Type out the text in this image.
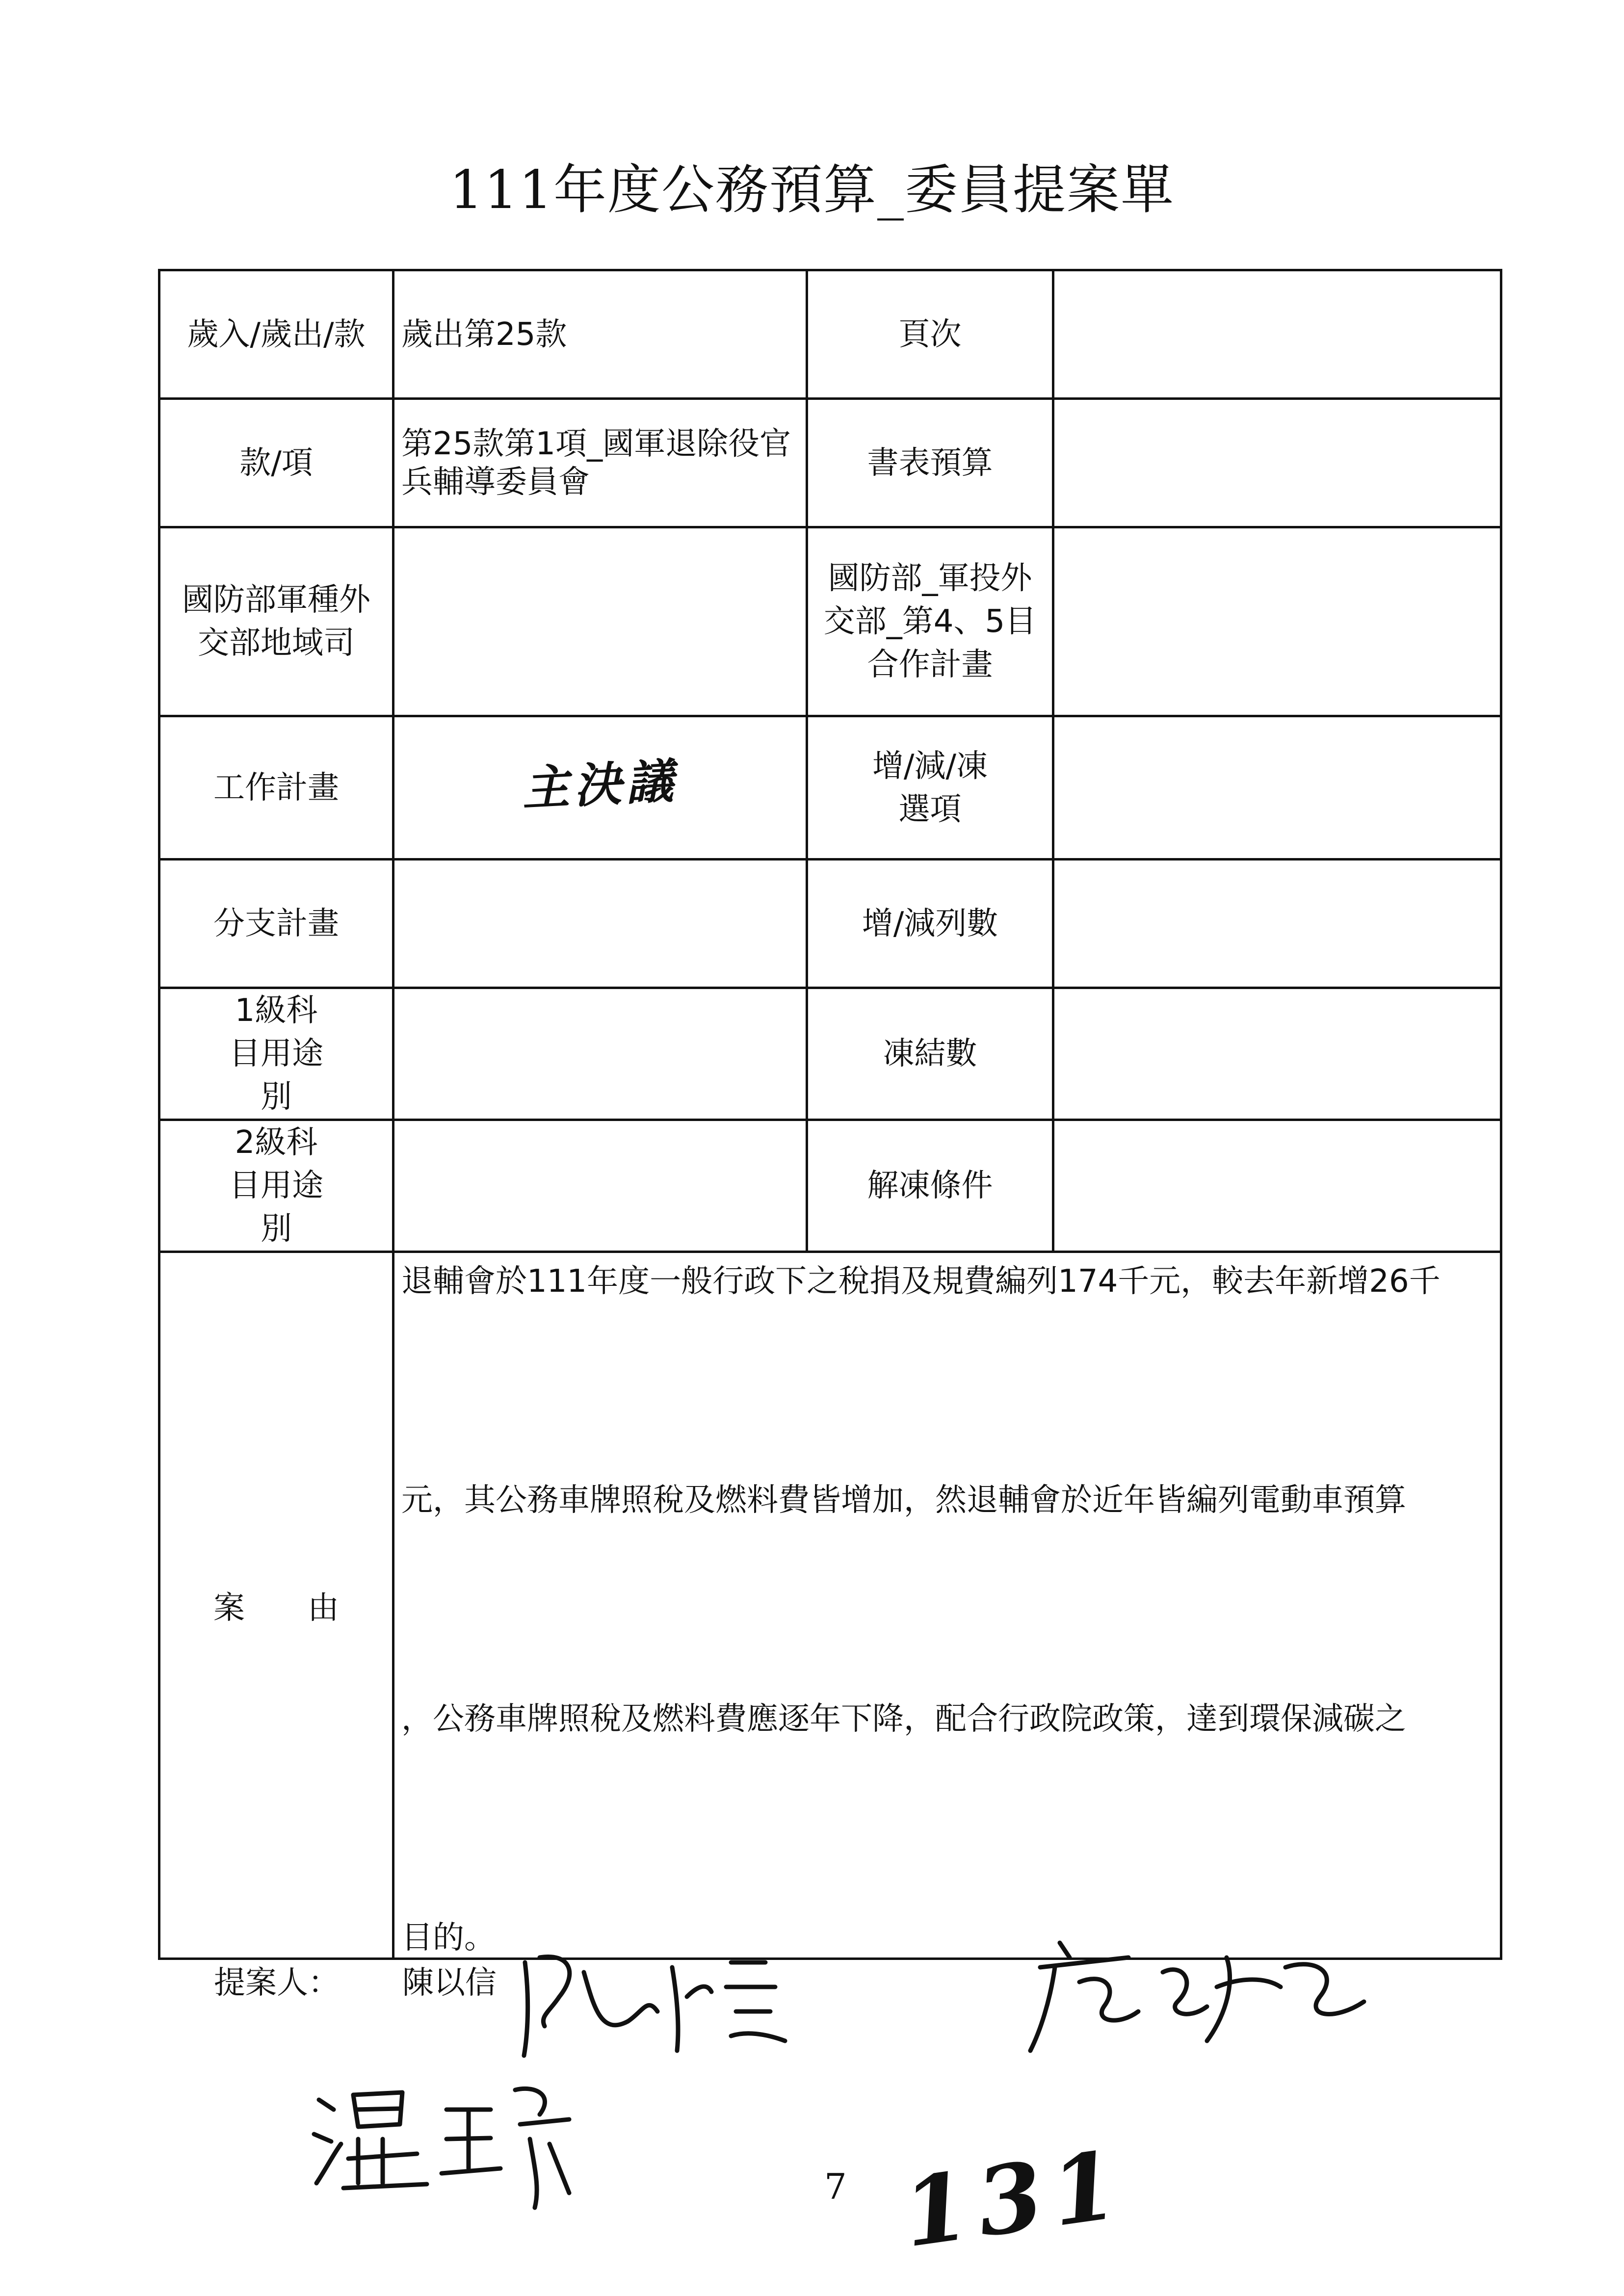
111年度公務預算_委員提案單
歲入/歲出/款	歲出第25款	頁次	
款/項	第25款第1項_國軍退除役官兵輔導委員會	書表預算	
國防部軍種外交部地域司		國防部_軍投外交部_第4、5目合作計畫	
工作計畫	主決議	增/減/凍選項	
分支計畫		增/減列數	
1級科目用途別		凍結數	
2級科目用途別		解凍條件	
案　　由	退輔會於111年度一般行政下之稅捐及規費編列174千元，較去年新增26千
元，其公務車牌照稅及燃料費皆增加，然退輔會於近年皆編列電動車預算
，公務車牌照稅及燃料費應逐年下降，配合行政院政策，達到環保減碳之
目的。		
提案人： 陳以信
7 131
